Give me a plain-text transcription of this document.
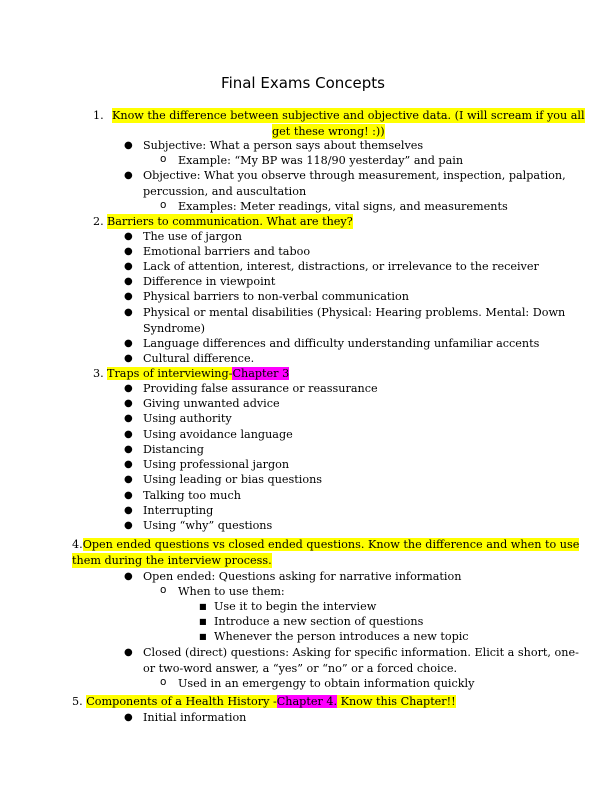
Final Exams Concepts
1. Know the difference between subjective and objective data. (I will scream if you all
get these wrong! :))
● Subjective: What a person says about themselves
o Example: “My BP was 118/90 yesterday” and pain
● Objective: What you observe through measurement, inspection, palpation,
percussion, and auscultation
o Examples: Meter readings, vital signs, and measurements
2. Barriers to communication. What are they?
● The use of jargon
● Emotional barriers and taboo
● Lack of attention, interest, distractions, or irrelevance to the receiver
● Difference in viewpoint
● Physical barriers to non-verbal communication
● Physical or mental disabilities (Physical: Hearing problems. Mental: Down
Syndrome)
● Language differences and difficulty understanding unfamiliar accents
● Cultural difference.
3. Traps of interviewing-Chapter 3
● Providing false assurance or reassurance
● Giving unwanted advice
● Using authority
● Using avoidance language
● Distancing
● Using professional jargon
● Using leading or bias questions
● Talking too much
● Interrupting
● Using “why” questions
4.Open ended questions vs closed ended questions. Know the difference and when to use
them during the interview process.
● Open ended: Questions asking for narrative information
o When to use them:
■ Use it to begin the interview
■ Introduce a new section of questions
■ Whenever the person introduces a new topic
● Closed (direct) questions: Asking for specific information. Elicit a short, one-
or two-word answer, a “yes” or “no” or a forced choice.
o Used in an emergengy to obtain information quickly
5. Components of a Health History -Chapter 4. Know this Chapter!!
● Initial information
